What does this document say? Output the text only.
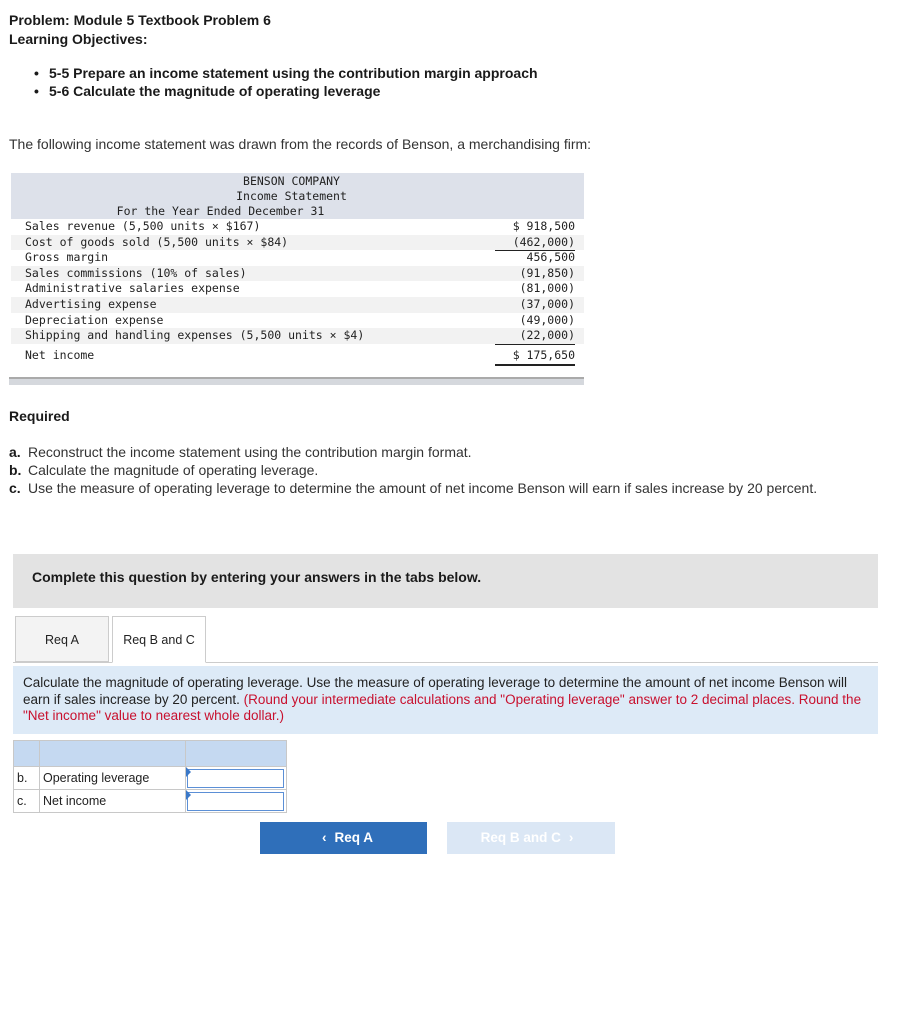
Problem: Module 5 Textbook Problem 6
Learning Objectives:
• 5-5 Prepare an income statement using the contribution margin approach
• 5-6 Calculate the magnitude of operating leverage
The following income statement was drawn from the records of Benson, a merchandising firm:
BENSON COMPANY
Income Statement
For the Year Ended December 31
Sales revenue (5,500 units × $167)	$ 918,500
Cost of goods sold (5,500 units × $84)	(462,000)
Gross margin	456,500
Sales commissions (10% of sales)	(91,850)
Administrative salaries expense	(81,000)
Advertising expense	(37,000)
Depreciation expense	(49,000)
Shipping and handling expenses (5,500 units × $4)	(22,000)
Net income	$ 175,650
Required
a. Reconstruct the income statement using the contribution margin format.
b. Calculate the magnitude of operating leverage.
c. Use the measure of operating leverage to determine the amount of net income Benson will earn if sales increase by 20 percent.
Complete this question by entering your answers in the tabs below.
Req A	Req B and C

Calculate the magnitude of operating leverage. Use the measure of operating leverage to determine the amount of net income Benson will earn if sales increase by 20 percent. (Round your intermediate calculations and "Operating leverage" answer to 2 decimal places. Round the "Net income" value to nearest whole dollar.)

b.	Operating leverage	

c.	Net income	
‹ Req A	Req B and C ›
